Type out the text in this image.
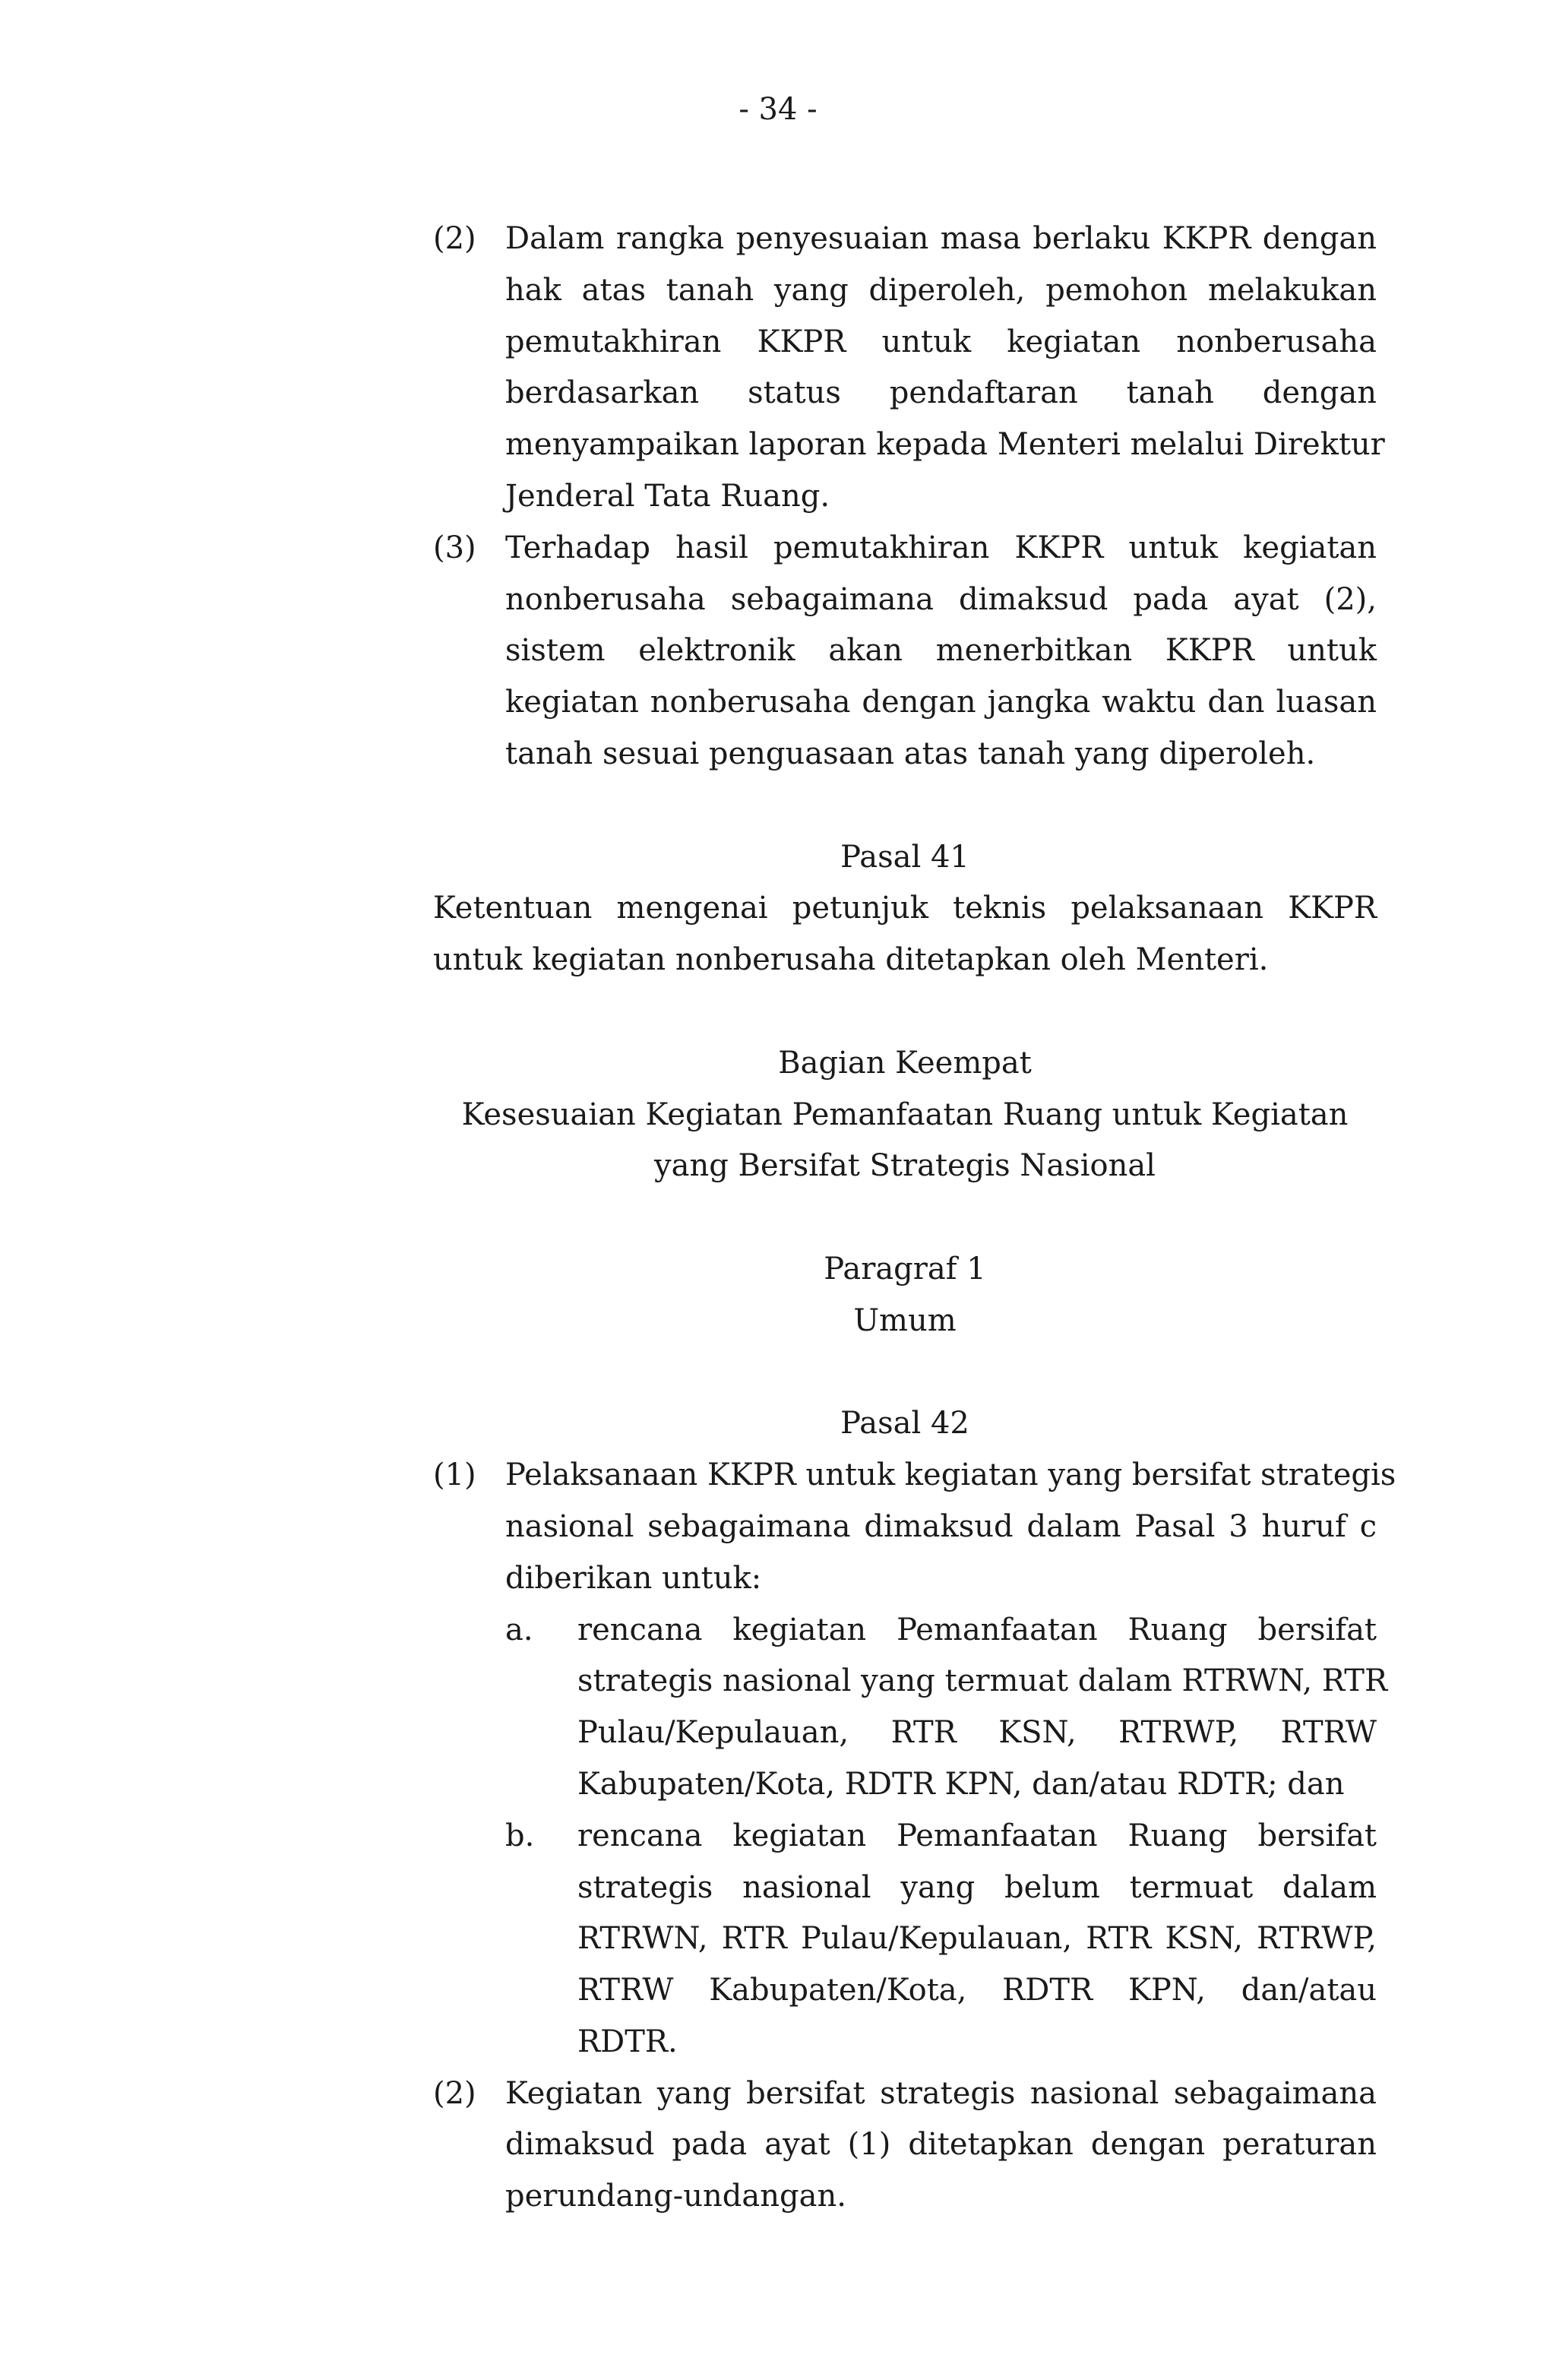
- 34 -
(2) Dalam rangka penyesuaian masa berlaku KKPR dengan
hak atas tanah yang diperoleh, pemohon melakukan
pemutakhiran KKPR untuk kegiatan nonberusaha
berdasarkan status pendaftaran tanah dengan
menyampaikan laporan kepada Menteri melalui Direktur
Jenderal Tata Ruang.
(3) Terhadap hasil pemutakhiran KKPR untuk kegiatan
nonberusaha sebagaimana dimaksud pada ayat (2),
sistem elektronik akan menerbitkan KKPR untuk
kegiatan nonberusaha dengan jangka waktu dan luasan
tanah sesuai penguasaan atas tanah yang diperoleh.
Pasal 41
Ketentuan mengenai petunjuk teknis pelaksanaan KKPR
untuk kegiatan nonberusaha ditetapkan oleh Menteri.
Bagian Keempat
Kesesuaian Kegiatan Pemanfaatan Ruang untuk Kegiatan
yang Bersifat Strategis Nasional
Paragraf 1
Umum
Pasal 42
(1) Pelaksanaan KKPR untuk kegiatan yang bersifat strategis
nasional sebagaimana dimaksud dalam Pasal 3 huruf c
diberikan untuk:
a.	rencana kegiatan Pemanfaatan Ruang bersifat
strategis nasional yang termuat dalam RTRWN, RTR
Pulau/Kepulauan, RTR KSN, RTRWP, RTRW
Kabupaten/Kota, RDTR KPN, dan/atau RDTR; dan
b.	rencana kegiatan Pemanfaatan Ruang bersifat
strategis nasional yang belum termuat dalam
RTRWN, RTR Pulau/Kepulauan, RTR KSN, RTRWP,
RTRW Kabupaten/Kota, RDTR KPN, dan/atau
RDTR.
(2) Kegiatan yang bersifat strategis nasional sebagaimana
dimaksud pada ayat (1) ditetapkan dengan peraturan
perundang-undangan.
